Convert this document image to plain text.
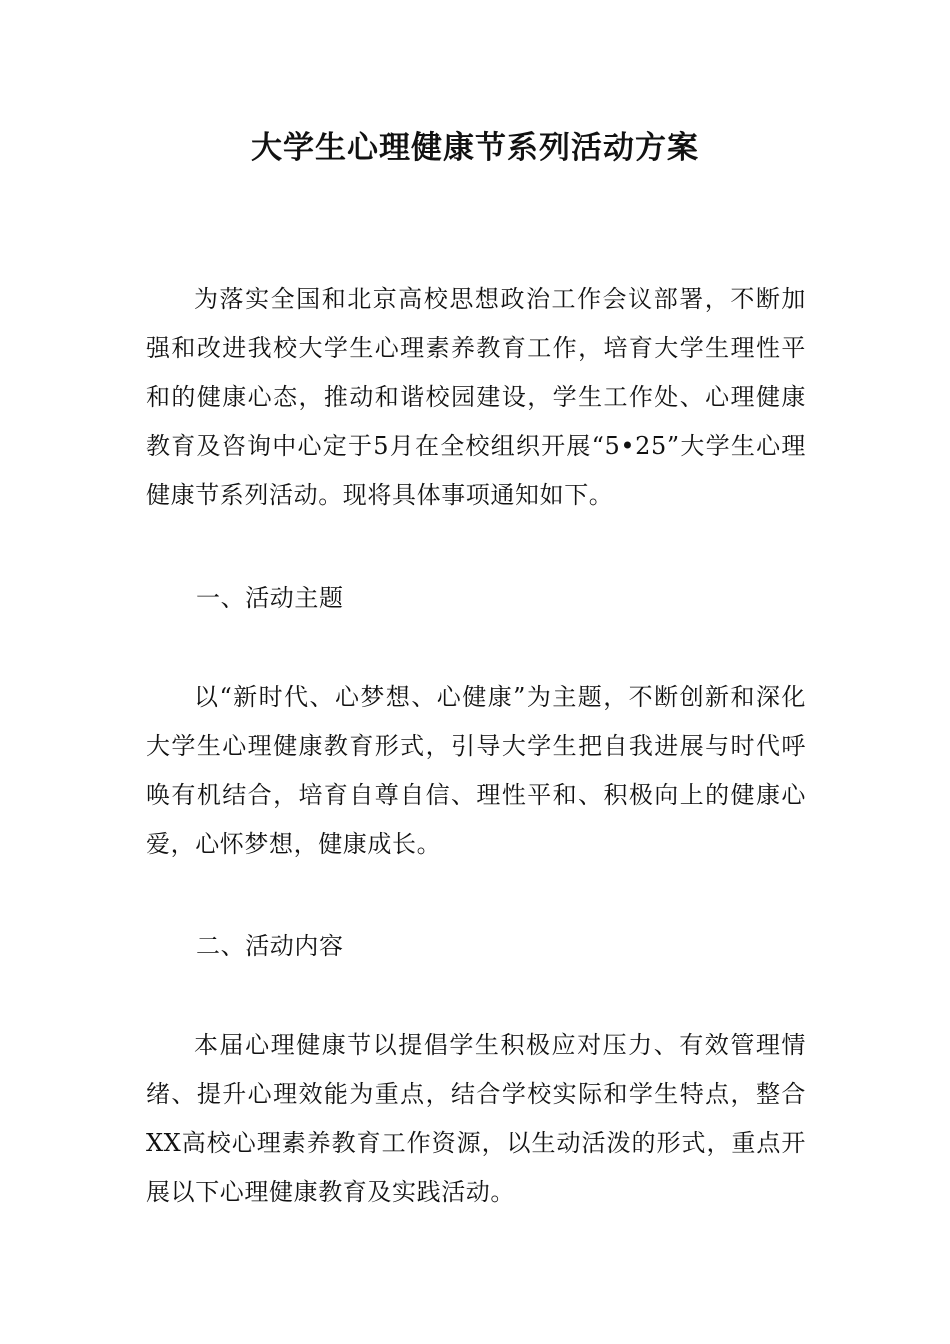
大学生心理健康节系列活动方案

为落实全国和北京高校思想政治工作会议部署，不断加强和改进我校大学生心理素养教育工作，培育大学生理性平和的健康心态，推动和谐校园建设，学生工作处、心理健康教育及咨询中心定于5月在全校组织开展“5•25”大学生心理健康节系列活动。现将具体事项通知如下。

一、活动主题

以“新时代、心梦想、心健康”为主题，不断创新和深化大学生心理健康教育形式，引导大学生把自我进展与时代呼唤有机结合，培育自尊自信、理性平和、积极向上的健康心爱，心怀梦想，健康成长。

二、活动内容

本届心理健康节以提倡学生积极应对压力、有效管理情绪、提升心理效能为重点，结合学校实际和学生特点，整合XX高校心理素养教育工作资源，以生动活泼的形式，重点开展以下心理健康教育及实践活动。
